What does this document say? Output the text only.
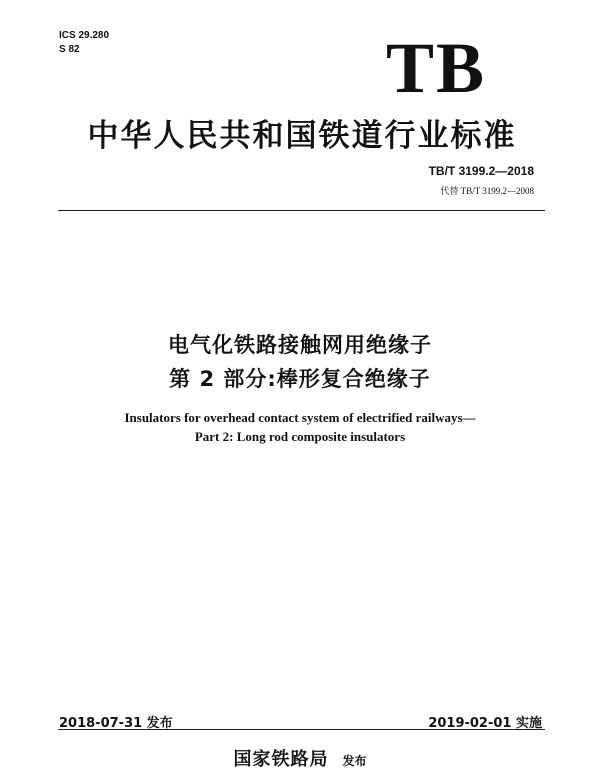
ICS 29.280
S 82	TB
中华人民共和国铁道行业标准
TB/T 3199.2—2018
代替 TB/T 3199.2—2008
电气化铁路接触网用绝缘子
第 2 部分:棒形复合绝缘子
Insulators for overhead contact system of electrified railways—
Part 2: Long rod composite insulators
2018-07-31 发布	2019-02-01 实施
国家铁路局 发布
